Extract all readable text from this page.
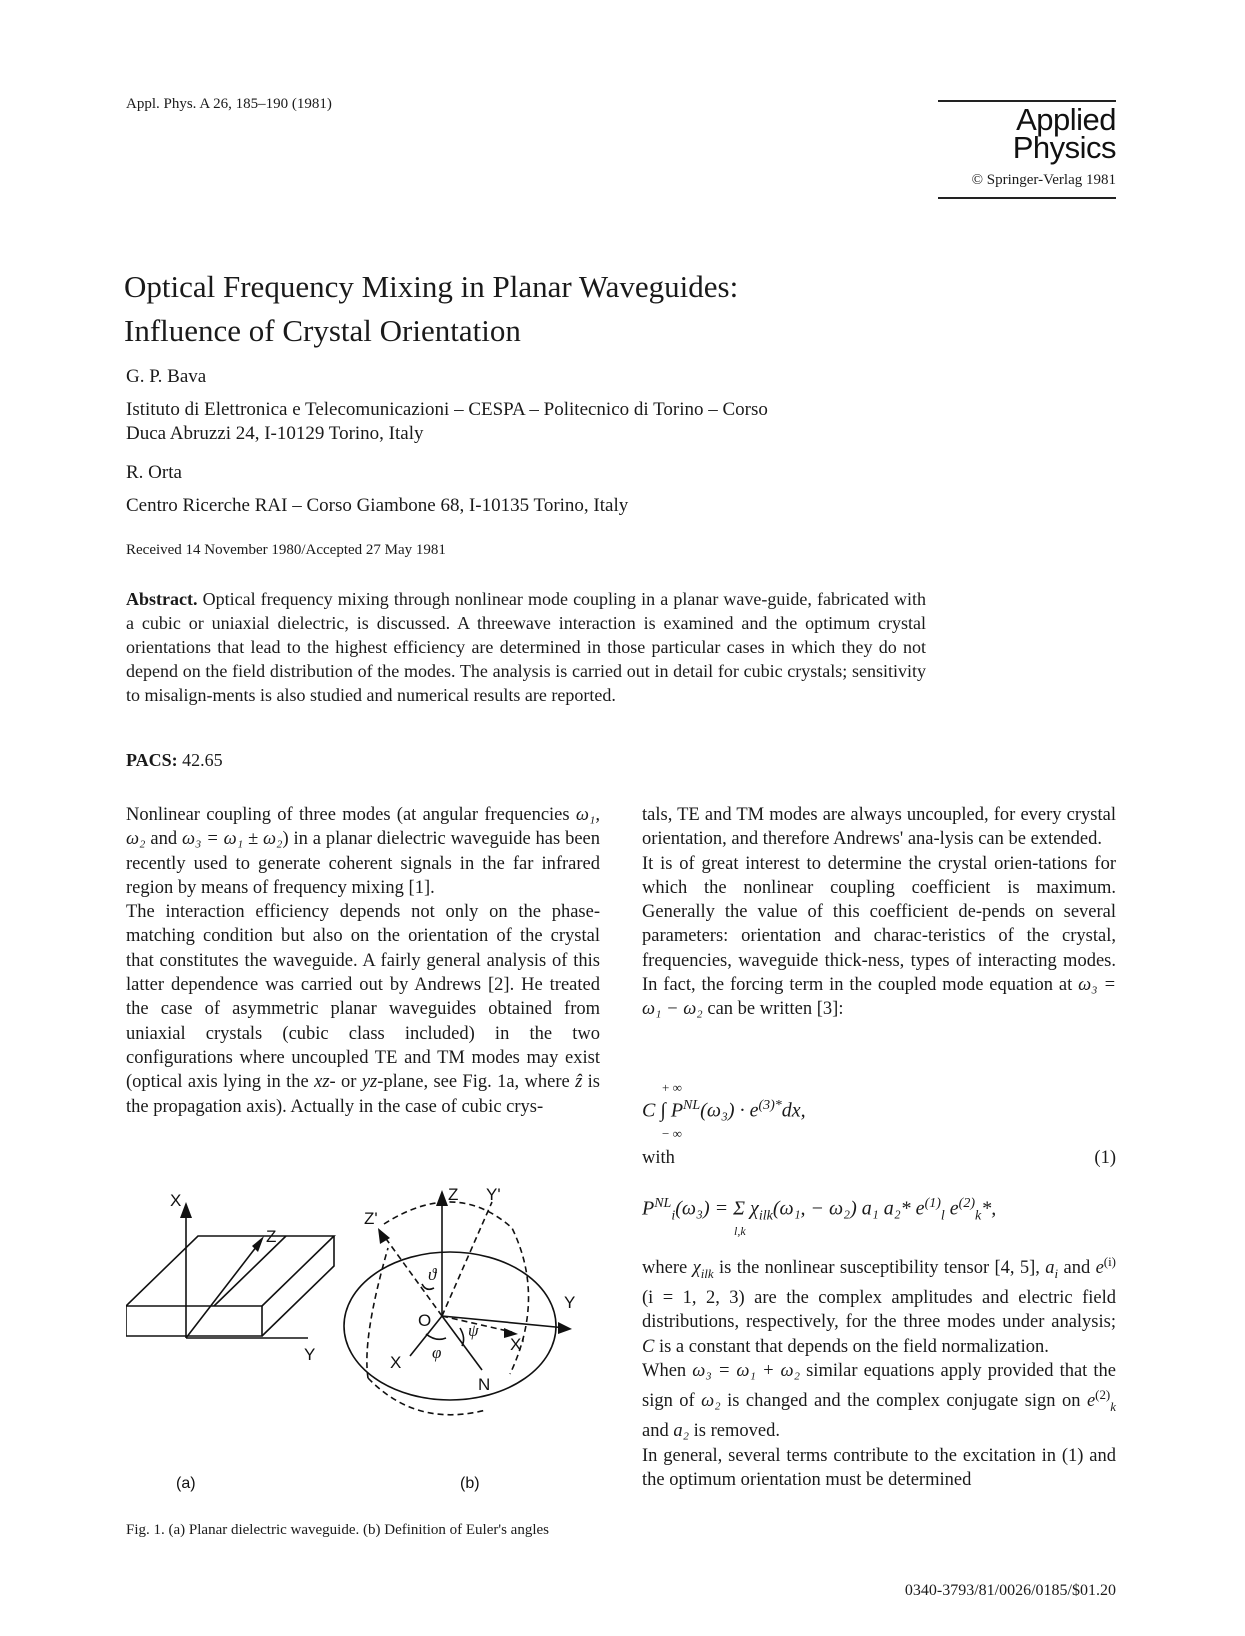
Appl. Phys. A 26, 185–190 (1981)	Applied
Physics
© Springer-Verlag 1981
Optical Frequency Mixing in Planar Waveguides:
Influence of Crystal Orientation
G. P. Bava
Istituto di Elettronica e Telecomunicazioni – CESPA – Politecnico di Torino – Corso
Duca Abruzzi 24, I-10129 Torino, Italy
R. Orta
Centro Ricerche RAI – Corso Giambone 68, I-10135 Torino, Italy
Received 14 November 1980/Accepted 27 May 1981
Abstract. Optical frequency mixing through nonlinear mode coupling in a planar wave-guide, fabricated with a cubic or uniaxial dielectric, is discussed. A threewave interaction is examined and the optimum crystal orientations that lead to the highest efficiency are determined in those particular cases in which they do not depend on the field distribution of the modes. The analysis is carried out in detail for cubic crystals; sensitivity to misalign-ments is also studied and numerical results are reported.
PACS: 42.65

Nonlinear coupling of three modes (at angular frequencies ω₁, ω₂ and ω₃ = ω₁ ± ω₂) in a planar dielectric waveguide has been recently used to generate coherent signals in the far infrared region by means of frequency mixing [1].

The interaction efficiency depends not only on the phase-matching condition but also on the orientation of the crystal that constitutes the waveguide. A fairly general analysis of this latter dependence was carried out by Andrews [2]. He treated the case of asymmetric planar waveguides obtained from uniaxial crystals (cubic class included) in the two configurations where uncoupled TE and TM modes may exist (optical axis lying in the xz- or yz-plane, see Fig. 1a, where ẑ is the propagation axis). Actually in the case of cubic crys-

X
Z
Y
(a)
Z Y'
Z'
O
Y
X'
X
N
ϑ
φ
ψ
(b)
Fig. 1. (a) Planar dielectric waveguide. (b) Definition of Euler's angles

tals, TE and TM modes are always uncoupled, for every crystal orientation, and therefore Andrews' ana-lysis can be extended.

It is of great interest to determine the crystal orien-tations for which the nonlinear coupling coefficient is maximum. Generally the value of this coefficient de-pends on several parameters: orientation and charac-teristics of the crystal, frequencies, waveguide thick-ness, types of interacting modes. In fact, the forcing term in the coupled mode equation at ω₃ = ω₁ − ω₂ can be written [3]:

+ ∞
C ∫ $P^{NL}(\omega_3) \cdot e^{(3)*}dx$,
− ∞
with	(1)
$P^{NL}_i(\omega_3) = \Sigma$ $\chi_{ilk}(\omega_1$, − ω₂) a₁ a₂* $e^{(1)}_l$ $e^{(2)}_k*$,
l,k

where $\chi_{ilk}$ is the nonlinear susceptibility tensor [4, 5], $a_i$ and $e^{(i)}$ (i = 1, 2, 3) are the complex amplitudes and electric field distributions, respectively, for the three modes under analysis; C is a constant that depends on the field normalization.

When ω₃ = ω₁ + ω₂ similar equations apply provided that the sign of ω₂ is changed and the complex conjugate sign on $e^{(2)}_k$ and a₂ is removed.

In general, several terms contribute to the excitation in (1) and the optimum orientation must be determined

0340-3793/81/0026/0185/$01.20
